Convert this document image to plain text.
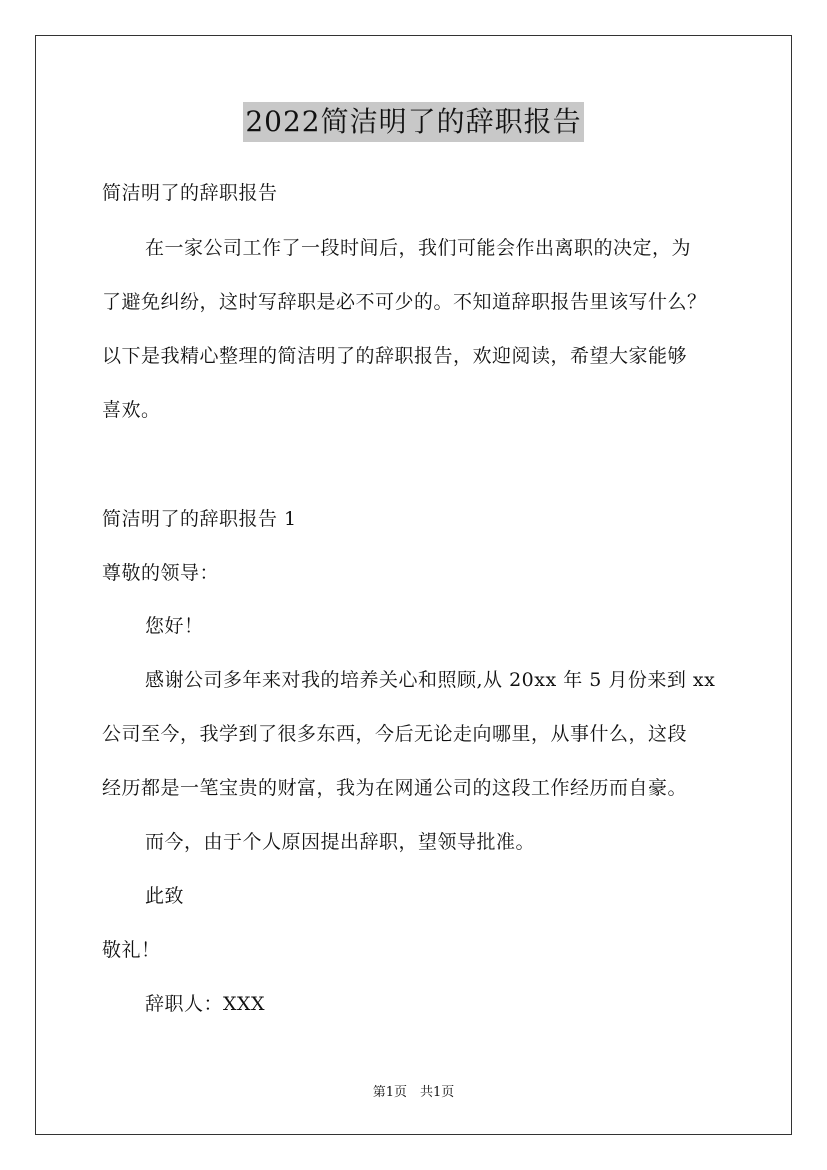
2022简洁明了的辞职报告
简洁明了的辞职报告
在一家公司工作了一段时间后，我们可能会作出离职的决定，为
了避免纠纷，这时写辞职是必不可少的。不知道辞职报告里该写什么？
以下是我精心整理的简洁明了的辞职报告，欢迎阅读，希望大家能够
喜欢。
简洁明了的辞职报告 1
尊敬的领导：
您好！
感谢公司多年来对我的培养关心和照顾,从 20xx 年 5 月份来到 xx
公司至今，我学到了很多东西，今后无论走向哪里，从事什么，这段
经历都是一笔宝贵的财富，我为在网通公司的这段工作经历而自豪。
而今，由于个人原因提出辞职，望领导批准。
此致
敬礼！
辞职人：XXX
第1页　共1页
